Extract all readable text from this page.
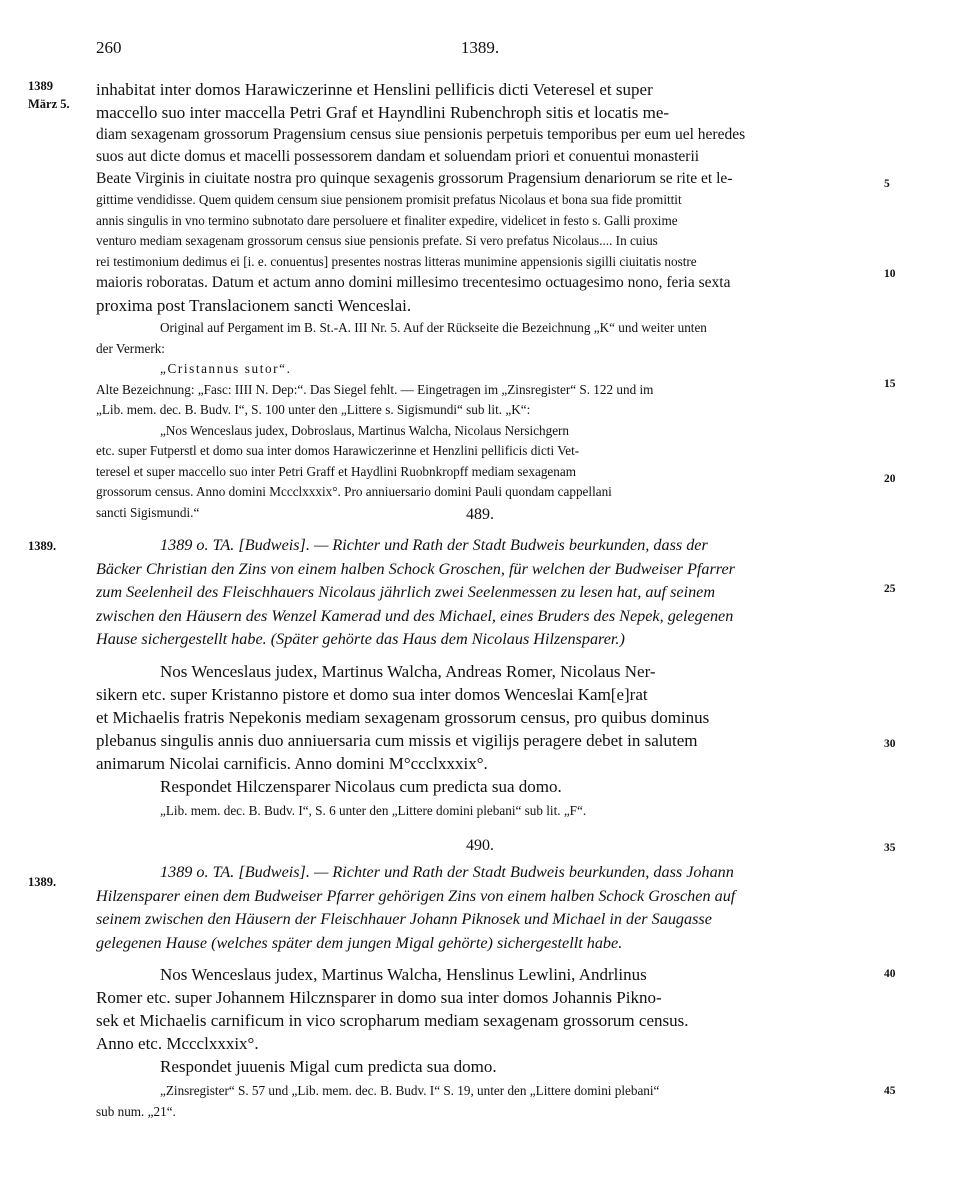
260	1389.
1389
März 5.
inhabitat inter domos Harawiczerinne et Henslini pellificis dicti Veteresel et super
maccello suo inter maccella Petri Graf et Hayndlini Rubenchroph sitis et locatis me-
diam sexagenam grossorum Pragensium census siue pensionis perpetuis temporibus per eum uel heredes
suos aut dicte domus et macelli possessorem dandam et soluendam priori et conuentui monasterii
Beate Virginis in ciuitate nostra pro quinque sexagenis grossorum Pragensium denariorum se rite et le-
gittime vendidisse. Quem quidem censum siue pensionem promisit prefatus Nicolaus et bona sua fide promittit
annis singulis in vno termino subnotato dare persoluere et finaliter expedire, videlicet in festo s. Galli proxime
venturo mediam sexagenam grossorum census siue pensionis prefate. Si vero prefatus Nicolaus.... In cuius
rei testimonium dedimus ei [i. e. conuentus] presentes nostras litteras munimine appensionis sigilli ciuitatis nostre
maioris roboratas. Datum et actum anno domini millesimo trecentesimo octuagesimo nono, feria sexta
proxima post Translacionem sancti Wenceslai.
Original auf Pergament im B. St.-A. III Nr. 5. Auf der Rückseite die Bezeichnung „K“ und weiter unten
der Vermerk:
„Cristannus sutor“.
Alte Bezeichnung: „Fasc: IIII N. Dep:“. Das Siegel fehlt. — Eingetragen im „Zinsregister“ S. 122 und im
„Lib. mem. dec. B. Budv. I“, S. 100 unter den „Littere s. Sigismundi“ sub lit. „K“:
„Nos Wenceslaus judex, Dobroslaus, Martinus Walcha, Nicolaus Nersichgern
etc. super Futperstl et domo sua inter domos Harawiczerinne et Henzlini pellificis dicti Vet-
teresel et super maccello suo inter Petri Graff et Haydlini Ruobnkropff mediam sexagenam
grossorum census. Anno domini Mccclxxxix°. Pro anniuersario domini Pauli quondam cappellani
sancti Sigismundi.“	489.
1389.	1389 o. TA. [Budweis]. — Richter und Rath der Stadt Budweis beurkunden, dass der
Bäcker Christian den Zins von einem halben Schock Groschen, für welchen der Budweiser Pfarrer
zum Seelenheil des Fleischhauers Nicolaus jährlich zwei Seelenmessen zu lesen hat, auf seinem
zwischen den Häusern des Wenzel Kamerad und des Michael, eines Bruders des Nepek, gelegenen
Hause sichergestellt habe. (Später gehörte das Haus dem Nicolaus Hilzensparer.)
Nos Wenceslaus judex, Martinus Walcha, Andreas Romer, Nicolaus Ner-
sikern etc. super Kristanno pistore et domo sua inter domos Wenceslai Kam[e]rat
et Michaelis fratris Nepekonis mediam sexagenam grossorum census, pro quibus dominus
plebanus singulis annis duo anniuersaria cum missis et vigilijs peragere debet in salutem
animarum Nicolai carnificis. Anno domini M°ccclxxxix°.
Respondet Hilczensparer Nicolaus cum predicta sua domo.
„Lib. mem. dec. B. Budv. I“, S. 6 unter den „Littere domini plebani“ sub lit. „F“.
490.
1389.
1389 o. TA. [Budweis]. — Richter und Rath der Stadt Budweis beurkunden, dass Johann
Hilzensparer einen dem Budweiser Pfarrer gehörigen Zins von einem halben Schock Groschen auf
seinem zwischen den Häusern der Fleischhauer Johann Piknosek und Michael in der Saugasse
gelegenen Hause (welches später dem jungen Migal gehörte) sichergestellt habe.
Nos Wenceslaus judex, Martinus Walcha, Henslinus Lewlini, Andrlinus
Romer etc. super Johannem Hilcznsparer in domo sua inter domos Johannis Pikno-
sek et Michaelis carnificum in vico scropharum mediam sexagenam grossorum census.
Anno etc. Mccclxxxix°.
Respondet juuenis Migal cum predicta sua domo.
„Zinsregister“ S. 57 und „Lib. mem. dec. B. Budv. I“ S. 19, unter den „Littere domini plebani“
sub num. „21“.
5
10
15
20
25
30
35
40
45
